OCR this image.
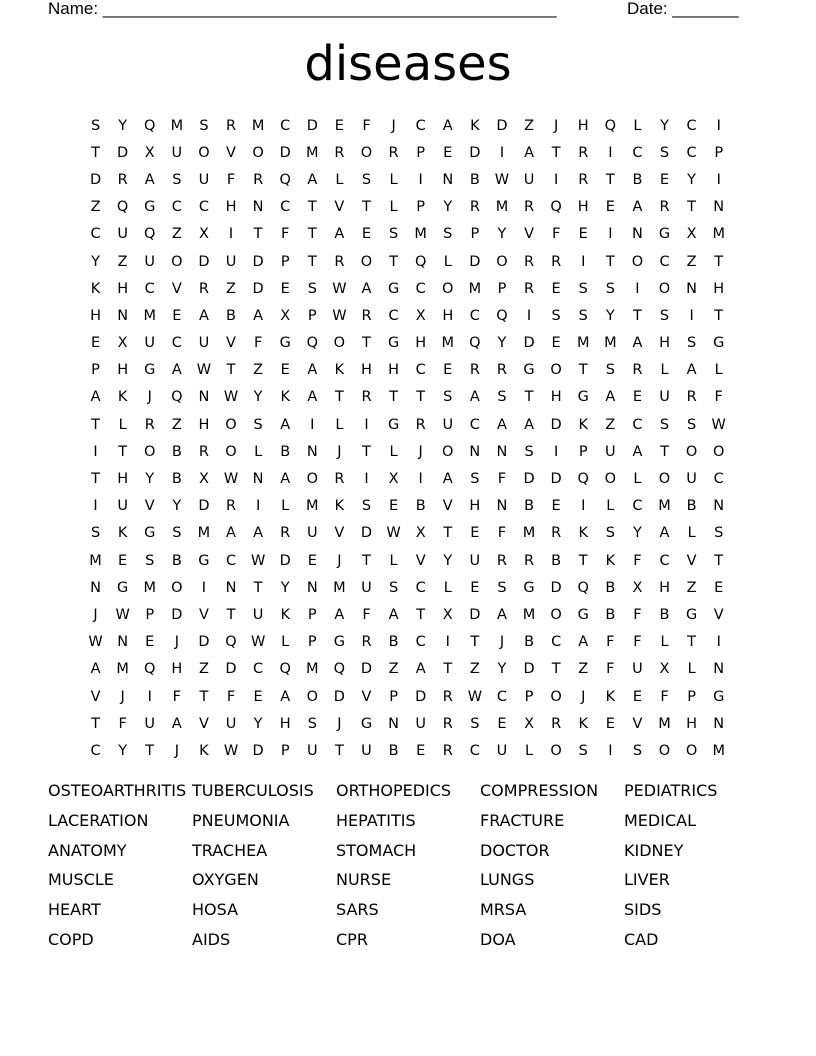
Name: ________________________________________________	Date: _______
diseases
S	Y	Q	M	S	R	M	C	D	E	F	J	C	A	K	D	Z	J	H	Q	L	Y	C	I
T	D	X	U	O	V	O	D	M	R	O	R	P	E	D	I	A	T	R	I	C	S	C	P
D	R	A	S	U	F	R	Q	A	L	S	L	I	N	B	W	U	I	R	T	B	E	Y	I
Z	Q	G	C	C	H	N	C	T	V	T	L	P	Y	R	M	R	Q	H	E	A	R	T	N
C	U	Q	Z	X	I	T	F	T	A	E	S	M	S	P	Y	V	F	E	I	N	G	X	M
Y	Z	U	O	D	U	D	P	T	R	O	T	Q	L	D	O	R	R	I	T	O	C	Z	T
K	H	C	V	R	Z	D	E	S	W	A	G	C	O	M	P	R	E	S	S	I	O	N	H
H	N	M	E	A	B	A	X	P	W	R	C	X	H	C	Q	I	S	S	Y	T	S	I	T
E	X	U	C	U	V	F	G	Q	O	T	G	H	M	Q	Y	D	E	M	M	A	H	S	G
P	H	G	A	W	T	Z	E	A	K	H	H	C	E	R	R	G	O	T	S	R	L	A	L
A	K	J	Q	N	W	Y	K	A	T	R	T	T	S	A	S	T	H	G	A	E	U	R	F
T	L	R	Z	H	O	S	A	I	L	I	G	R	U	C	A	A	D	K	Z	C	S	S	W
I	T	O	B	R	O	L	B	N	J	T	L	J	O	N	N	S	I	P	U	A	T	O	O
T	H	Y	B	X	W N	A	O	R	I	X	I	A	S	F	D	D	Q	O	L	O	U	C
I	U	V	Y	D	R	I	L	M	K	S	E	B	V	H	N	B	E	I	L	C	M	B	N
S	K	G	S	M	A	A	R	U	V	D W	X	T	E	F	M	R	K	S	Y	A	L	S
M	E	S	B	G	C	W D	E	J	T	L	V	Y	U	R	R	B	T	K	F	C	V	T
N	G	M	O	I	N	T	Y	N	M	U	S	C	L	E	S	G	D	Q	B	X	H	Z	E
J	W	P	D	V	T	U	K	P	A	F	A	T	X	D	A	M	O	G	B	F	B	G	V
W N	E	J	D	Q W	L	P	G	R	B	C	I	T	J	B	C	A	F	F	L	T	I
A	M	Q	H	Z	D	C	Q	M	Q	D	Z	A	T	Z	Y	D	T	Z	F	U	X	L	N
V	J	I	F	T	F	E	A	O	D	V	P	D	R	W	C	P	O	J	K	E	F	P	G
T	F	U	A	V	U	Y	H	S	J	G	N	U	R	S	E	X	R	K	E	V	M	H	N
C	Y	T	J	K	W D	P	U	T	U	B	E	R	C	U	L	O	S	I	S	O	O	M
OSTEOARTHRITIS TUBERCULOSIS	ORTHOPEDICS	COMPRESSION	PEDIATRICS
LACERATION	PNEUMONIA	HEPATITIS	FRACTURE	MEDICAL
ANATOMY	TRACHEA	STOMACH	DOCTOR	KIDNEY
MUSCLE	OXYGEN	NURSE	LUNGS	LIVER
HEART	HOSA	SARS	MRSA	SIDS
COPD	AIDS	CPR	DOA	CAD
